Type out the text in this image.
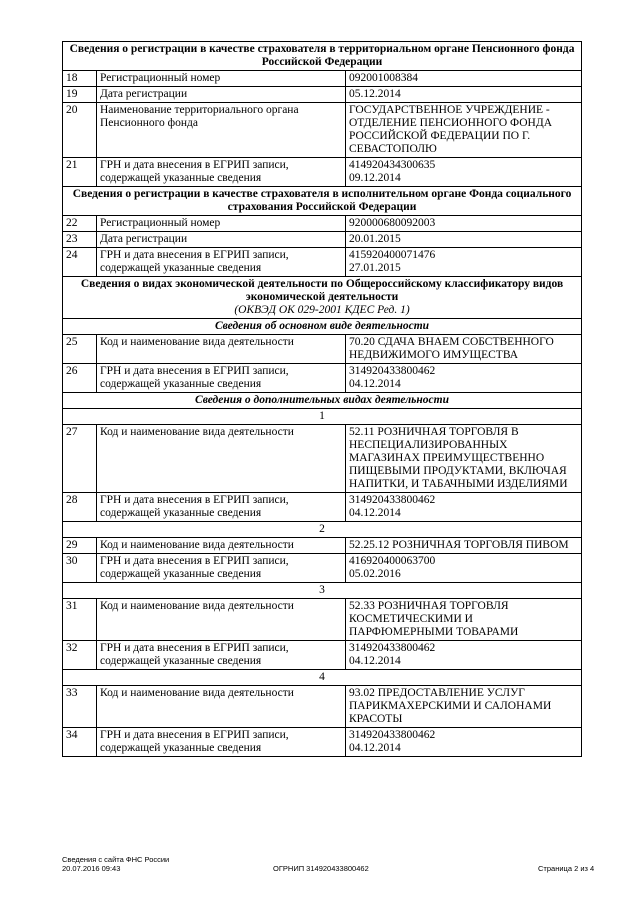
Сведения о регистрации в качестве страхователя в территориальном органе Пенсионного фонда Российской Федерации		

18	Регистрационный номер	092001008384

19	Дата регистрации	05.12.2014

20	Наименование территориального органа Пенсионного фонда	ГОСУДАРСТВЕННОЕ УЧРЕЖДЕНИЕ - ОТДЕЛЕНИЕ ПЕНСИОННОГО ФОНДА РОССИЙСКОЙ ФЕДЕРАЦИИ ПО Г. СЕВАСТОПОЛЮ

21	ГРН и дата внесения в ЕГРИП записи, содержащей указанные сведения	414920434300635
09.12.2014

Сведения о регистрации в качестве страхователя в исполнительном органе Фонда социального страхования Российской Федерации		

22	Регистрационный номер	920000680092003

23	Дата регистрации	20.01.2015

24	ГРН и дата внесения в ЕГРИП записи, содержащей указанные сведения	415920400071476
27.01.2015

Сведения о видах экономической деятельности по Общероссийскому классификатору видов экономической деятельности
(ОКВЭД ОК 029-2001 КДЕС Ред. 1)		

Сведения об основном виде деятельности		

25	Код и наименование вида деятельности	70.20 СДАЧА ВНАЕМ СОБСТВЕННОГО НЕДВИЖИМОГО ИМУЩЕСТВА

26	ГРН и дата внесения в ЕГРИП записи, содержащей указанные сведения	314920433800462
04.12.2014

Сведения о дополнительных видах деятельности		

1		

27	Код и наименование вида деятельности	52.11 РОЗНИЧНАЯ ТОРГОВЛЯ В НЕСПЕЦИАЛИЗИРОВАННЫХ МАГАЗИНАХ ПРЕИМУЩЕСТВЕННО ПИЩЕВЫМИ ПРОДУКТАМИ, ВКЛЮЧАЯ НАПИТКИ, И ТАБАЧНЫМИ ИЗДЕЛИЯМИ

28	ГРН и дата внесения в ЕГРИП записи, содержащей указанные сведения	314920433800462
04.12.2014

2		

29	Код и наименование вида деятельности	52.25.12 РОЗНИЧНАЯ ТОРГОВЛЯ ПИВОМ

30	ГРН и дата внесения в ЕГРИП записи, содержащей указанные сведения	416920400063700
05.02.2016

3		

31	Код и наименование вида деятельности	52.33 РОЗНИЧНАЯ ТОРГОВЛЯ КОСМЕТИЧЕСКИМИ И ПАРФЮМЕРНЫМИ ТОВАРАМИ

32	ГРН и дата внесения в ЕГРИП записи, содержащей указанные сведения	314920433800462
04.12.2014

4		

33	Код и наименование вида деятельности	93.02 ПРЕДОСТАВЛЕНИЕ УСЛУГ ПАРИКМАХЕРСКИМИ И САЛОНАМИ КРАСОТЫ

34	ГРН и дата внесения в ЕГРИП записи, содержащей указанные сведения	314920433800462
04.12.2014
Сведения с сайта ФНС России
20.07.2016 09:43	ОГРНИП 314920433800462	Страница 2 из 4
